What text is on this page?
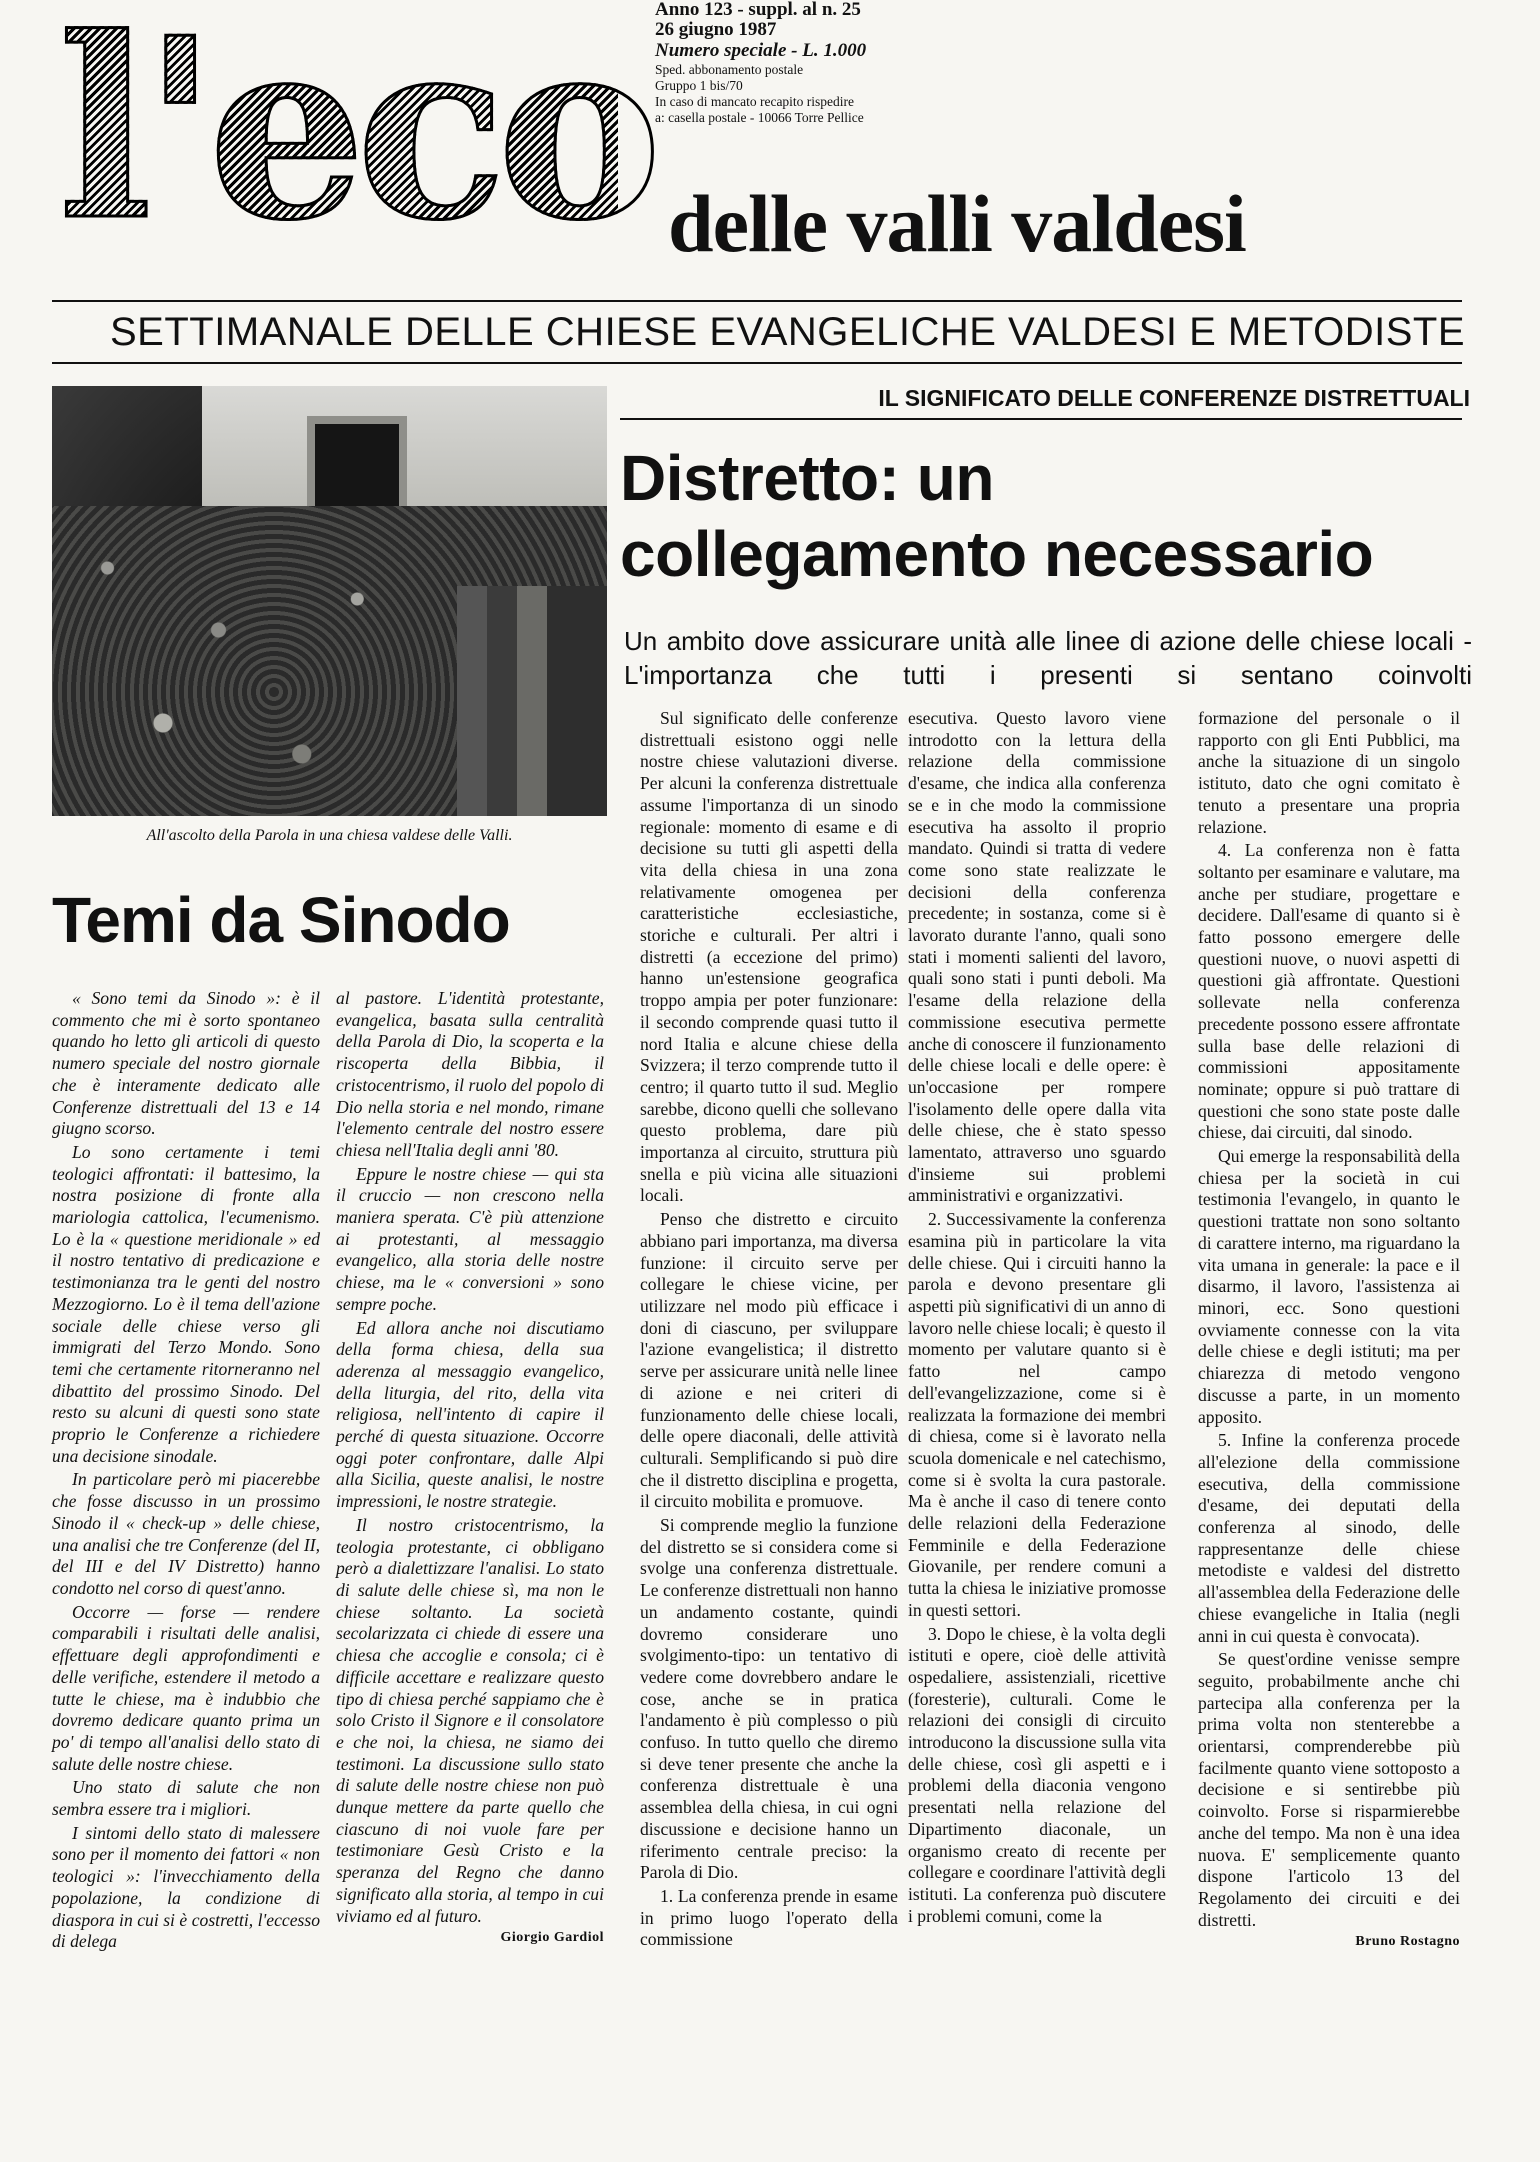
l'eco Anno 123 - suppl. al n. 25
26 giugno 1987
Numero speciale - L. 1.000
Sped. abbonamento postale
Gruppo 1 bis/70
In caso di mancato recapito rispedire
a: casella postale - 10066 Torre Pellice
delle valli valdesi
SETTIMANALE DELLE CHIESE EVANGELICHE VALDESI E METODISTE
All'ascolto della Parola in una chiesa valdese delle Valli.
IL SIGNIFICATO DELLE CONFERENZE DISTRETTUALI
Distretto: un
collegamento necessario
Un ambito dove assicurare unità alle linee di azione delle chiese locali - L'importanza che tutti i presenti si sentano coinvolti
Temi da Sinodo

« Sono temi da Sinodo »: è il commento che mi è sorto spontaneo quando ho letto gli articoli di questo numero speciale del nostro giornale che è interamente dedicato alle Conferenze distrettuali del 13 e 14 giugno scorso.

Lo sono certamente i temi teologici affrontati: il battesimo, la nostra posizione di fronte alla mariologia cattolica, l'ecumenismo. Lo è la « questione meridionale » ed il nostro tentativo di predicazione e testimonianza tra le genti del nostro Mezzogiorno. Lo è il tema dell'azione sociale delle chiese verso gli immigrati del Terzo Mondo. Sono temi che certamente ritorneranno nel dibattito del prossimo Sinodo. Del resto su alcuni di questi sono state proprio le Conferenze a richiedere una decisione sinodale.

In particolare però mi piacerebbe che fosse discusso in un prossimo Sinodo il « check-up » delle chiese, una analisi che tre Conferenze (del II, del III e del IV Distretto) hanno condotto nel corso di quest'anno.

Occorre — forse — rendere comparabili i risultati delle analisi, effettuare degli approfondimenti e delle verifiche, estendere il metodo a tutte le chiese, ma è indubbio che dovremo dedicare quanto prima un po' di tempo all'analisi dello stato di salute delle nostre chiese.

Uno stato di salute che non sembra essere tra i migliori.

I sintomi dello stato di malessere sono per il momento dei fattori « non teologici »: l'invecchiamento della popolazione, la condizione di diaspora in cui si è costretti, l'eccesso di delega

al pastore. L'identità protestante, evangelica, basata sulla centralità della Parola di Dio, la scoperta e la riscoperta della Bibbia, il cristocentrismo, il ruolo del popolo di Dio nella storia e nel mondo, rimane l'elemento centrale del nostro essere chiesa nell'Italia degli anni '80.

Eppure le nostre chiese — qui sta il cruccio — non crescono nella maniera sperata. C'è più attenzione ai protestanti, al messaggio evangelico, alla storia delle nostre chiese, ma le « conversioni » sono sempre poche.

Ed allora anche noi discutiamo della forma chiesa, della sua aderenza al messaggio evangelico, della liturgia, del rito, della vita religiosa, nell'intento di capire il perché di questa situazione. Occorre oggi poter confrontare, dalle Alpi alla Sicilia, queste analisi, le nostre impressioni, le nostre strategie.

Il nostro cristocentrismo, la teologia protestante, ci obbligano però a dialettizzare l'analisi. Lo stato di salute delle chiese sì, ma non le chiese soltanto. La società secolarizzata ci chiede di essere una chiesa che accoglie e consola; ci è difficile accettare e realizzare questo tipo di chiesa perché sappiamo che è solo Cristo il Signore e il consolatore e che noi, la chiesa, ne siamo dei testimoni. La discussione sullo stato di salute delle nostre chiese non può dunque mettere da parte quello che ciascuno di noi vuole fare per testimoniare Gesù Cristo e la speranza del Regno che danno significato alla storia, al tempo in cui viviamo ed al futuro.

Giorgio Gardiol

Sul significato delle conferenze distrettuali esistono oggi nelle nostre chiese valutazioni diverse. Per alcuni la conferenza distrettuale assume l'importanza di un sinodo regionale: momento di esame e di decisione su tutti gli aspetti della vita della chiesa in una zona relativamente omogenea per caratteristiche ecclesiastiche, storiche e culturali. Per altri i distretti (a eccezione del primo) hanno un'estensione geografica troppo ampia per poter funzionare: il secondo comprende quasi tutto il nord Italia e alcune chiese della Svizzera; il terzo comprende tutto il centro; il quarto tutto il sud. Meglio sarebbe, dicono quelli che sollevano questo problema, dare più importanza al circuito, struttura più snella e più vicina alle situazioni locali.

Penso che distretto e circuito abbiano pari importanza, ma diversa funzione: il circuito serve per collegare le chiese vicine, per utilizzare nel modo più efficace i doni di ciascuno, per sviluppare l'azione evangelistica; il distretto serve per assicurare unità nelle linee di azione e nei criteri di funzionamento delle chiese locali, delle opere diaconali, delle attività culturali. Semplificando si può dire che il distretto disciplina e progetta, il circuito mobilita e promuove.

Si comprende meglio la funzione del distretto se si considera come si svolge una conferenza distrettuale. Le conferenze distrettuali non hanno un andamento costante, quindi dovremo considerare uno svolgimento-tipo: un tentativo di vedere come dovrebbero andare le cose, anche se in pratica l'andamento è più complesso o più confuso. In tutto quello che diremo si deve tener presente che anche la conferenza distrettuale è una assemblea della chiesa, in cui ogni discussione e decisione hanno un riferimento centrale preciso: la Parola di Dio.

1. La conferenza prende in esame in primo luogo l'operato della commissione

esecutiva. Questo lavoro viene introdotto con la lettura della relazione della commissione d'esame, che indica alla conferenza se e in che modo la commissione esecutiva ha assolto il proprio mandato. Quindi si tratta di vedere come sono state realizzate le decisioni della conferenza precedente; in sostanza, come si è lavorato durante l'anno, quali sono stati i momenti salienti del lavoro, quali sono stati i punti deboli. Ma l'esame della relazione della commissione esecutiva permette anche di conoscere il funzionamento delle chiese locali e delle opere: è un'occasione per rompere l'isolamento delle opere dalla vita delle chiese, che è stato spesso lamentato, attraverso uno sguardo d'insieme sui problemi amministrativi e organizzativi.

2. Successivamente la conferenza esamina più in particolare la vita delle chiese. Qui i circuiti hanno la parola e devono presentare gli aspetti più significativi di un anno di lavoro nelle chiese locali; è questo il momento per valutare quanto si è fatto nel campo dell'evangelizzazione, come si è realizzata la formazione dei membri di chiesa, come si è lavorato nella scuola domenicale e nel catechismo, come si è svolta la cura pastorale. Ma è anche il caso di tenere conto delle relazioni della Federazione Femminile e della Federazione Giovanile, per rendere comuni a tutta la chiesa le iniziative promosse in questi settori.

3. Dopo le chiese, è la volta degli istituti e opere, cioè delle attività ospedaliere, assistenziali, ricettive (foresterie), culturali. Come le relazioni dei consigli di circuito introducono la discussione sulla vita delle chiese, così gli aspetti e i problemi della diaconia vengono presentati nella relazione del Dipartimento diaconale, un organismo creato di recente per collegare e coordinare l'attività degli istituti. La conferenza può discutere i problemi comuni, come la

formazione del personale o il rapporto con gli Enti Pubblici, ma anche la situazione di un singolo istituto, dato che ogni comitato è tenuto a presentare una propria relazione.

4. La conferenza non è fatta soltanto per esaminare e valutare, ma anche per studiare, progettare e decidere. Dall'esame di quanto si è fatto possono emergere delle questioni nuove, o nuovi aspetti di questioni già affrontate. Questioni sollevate nella conferenza precedente possono essere affrontate sulla base delle relazioni di commissioni appositamente nominate; oppure si può trattare di questioni che sono state poste dalle chiese, dai circuiti, dal sinodo.

Qui emerge la responsabilità della chiesa per la società in cui testimonia l'evangelo, in quanto le questioni trattate non sono soltanto di carattere interno, ma riguardano la vita umana in generale: la pace e il disarmo, il lavoro, l'assistenza ai minori, ecc. Sono questioni ovviamente connesse con la vita delle chiese e degli istituti; ma per chiarezza di metodo vengono discusse a parte, in un momento apposito.

5. Infine la conferenza procede all'elezione della commissione esecutiva, della commissione d'esame, dei deputati della conferenza al sinodo, delle rappresentanze delle chiese metodiste e valdesi del distretto all'assemblea della Federazione delle chiese evangeliche in Italia (negli anni in cui questa è convocata).

Se quest'ordine venisse sempre seguito, probabilmente anche chi partecipa alla conferenza per la prima volta non stenterebbe a orientarsi, comprenderebbe più facilmente quanto viene sottoposto a decisione e si sentirebbe più coinvolto. Forse si risparmierebbe anche del tempo. Ma non è una idea nuova. E' semplicemente quanto dispone l'articolo 13 del Regolamento dei circuiti e dei distretti.

Bruno Rostagno
